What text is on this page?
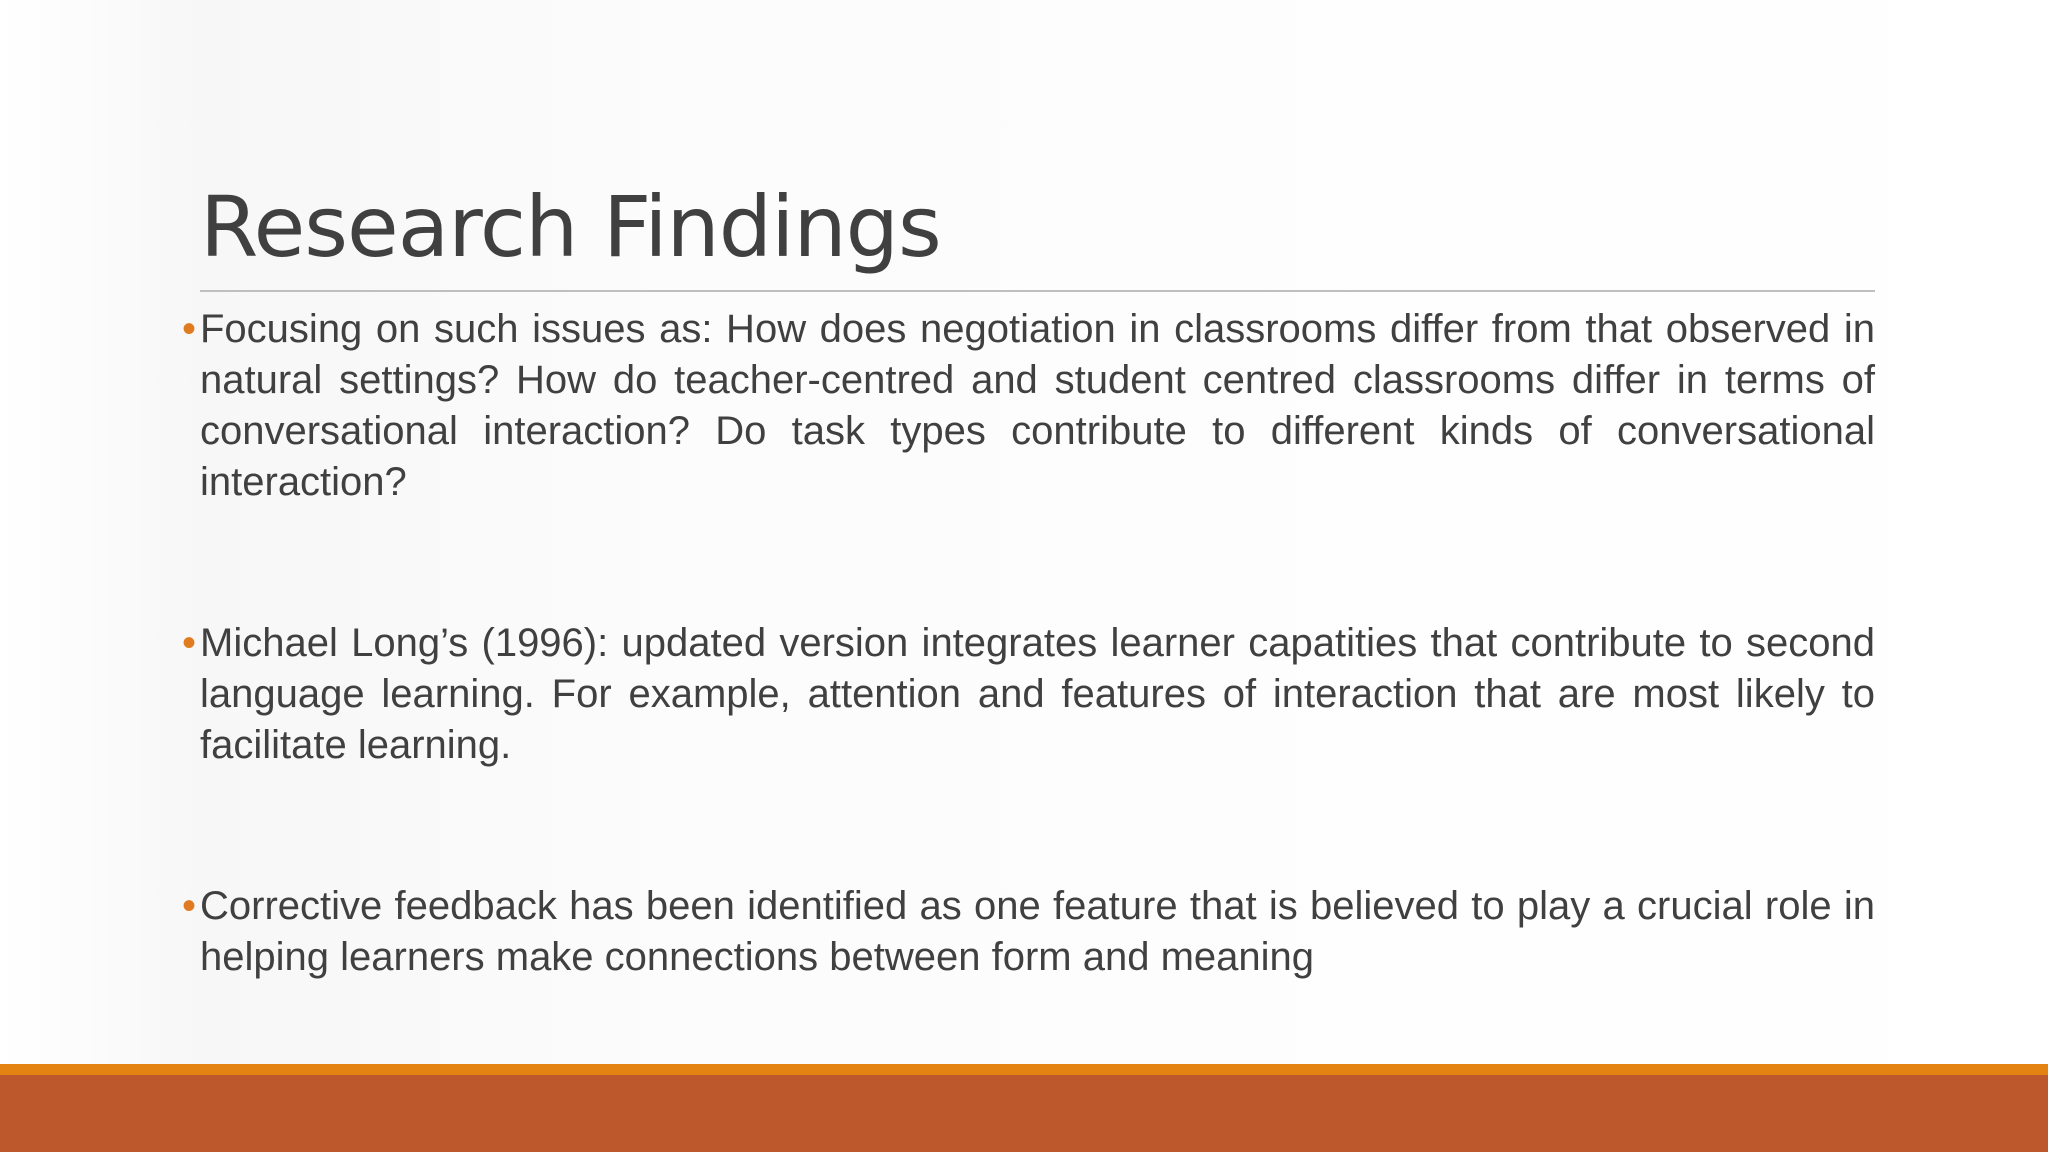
Research Findings
• Focusing on such issues as: How does negotiation in classrooms differ from that observed in natural settings? How do teacher-centred and student centred classrooms differ in terms of conversational interaction? Do task types contribute to different kinds of conversational interaction?
• Michael Long’s (1996): updated version integrates learner capatities that contribute to second language learning. For example, attention and features of interaction that are most likely to facilitate learning.
• Corrective feedback has been identified as one feature that is believed to play a crucial role in helping learners make connections between form and meaning
